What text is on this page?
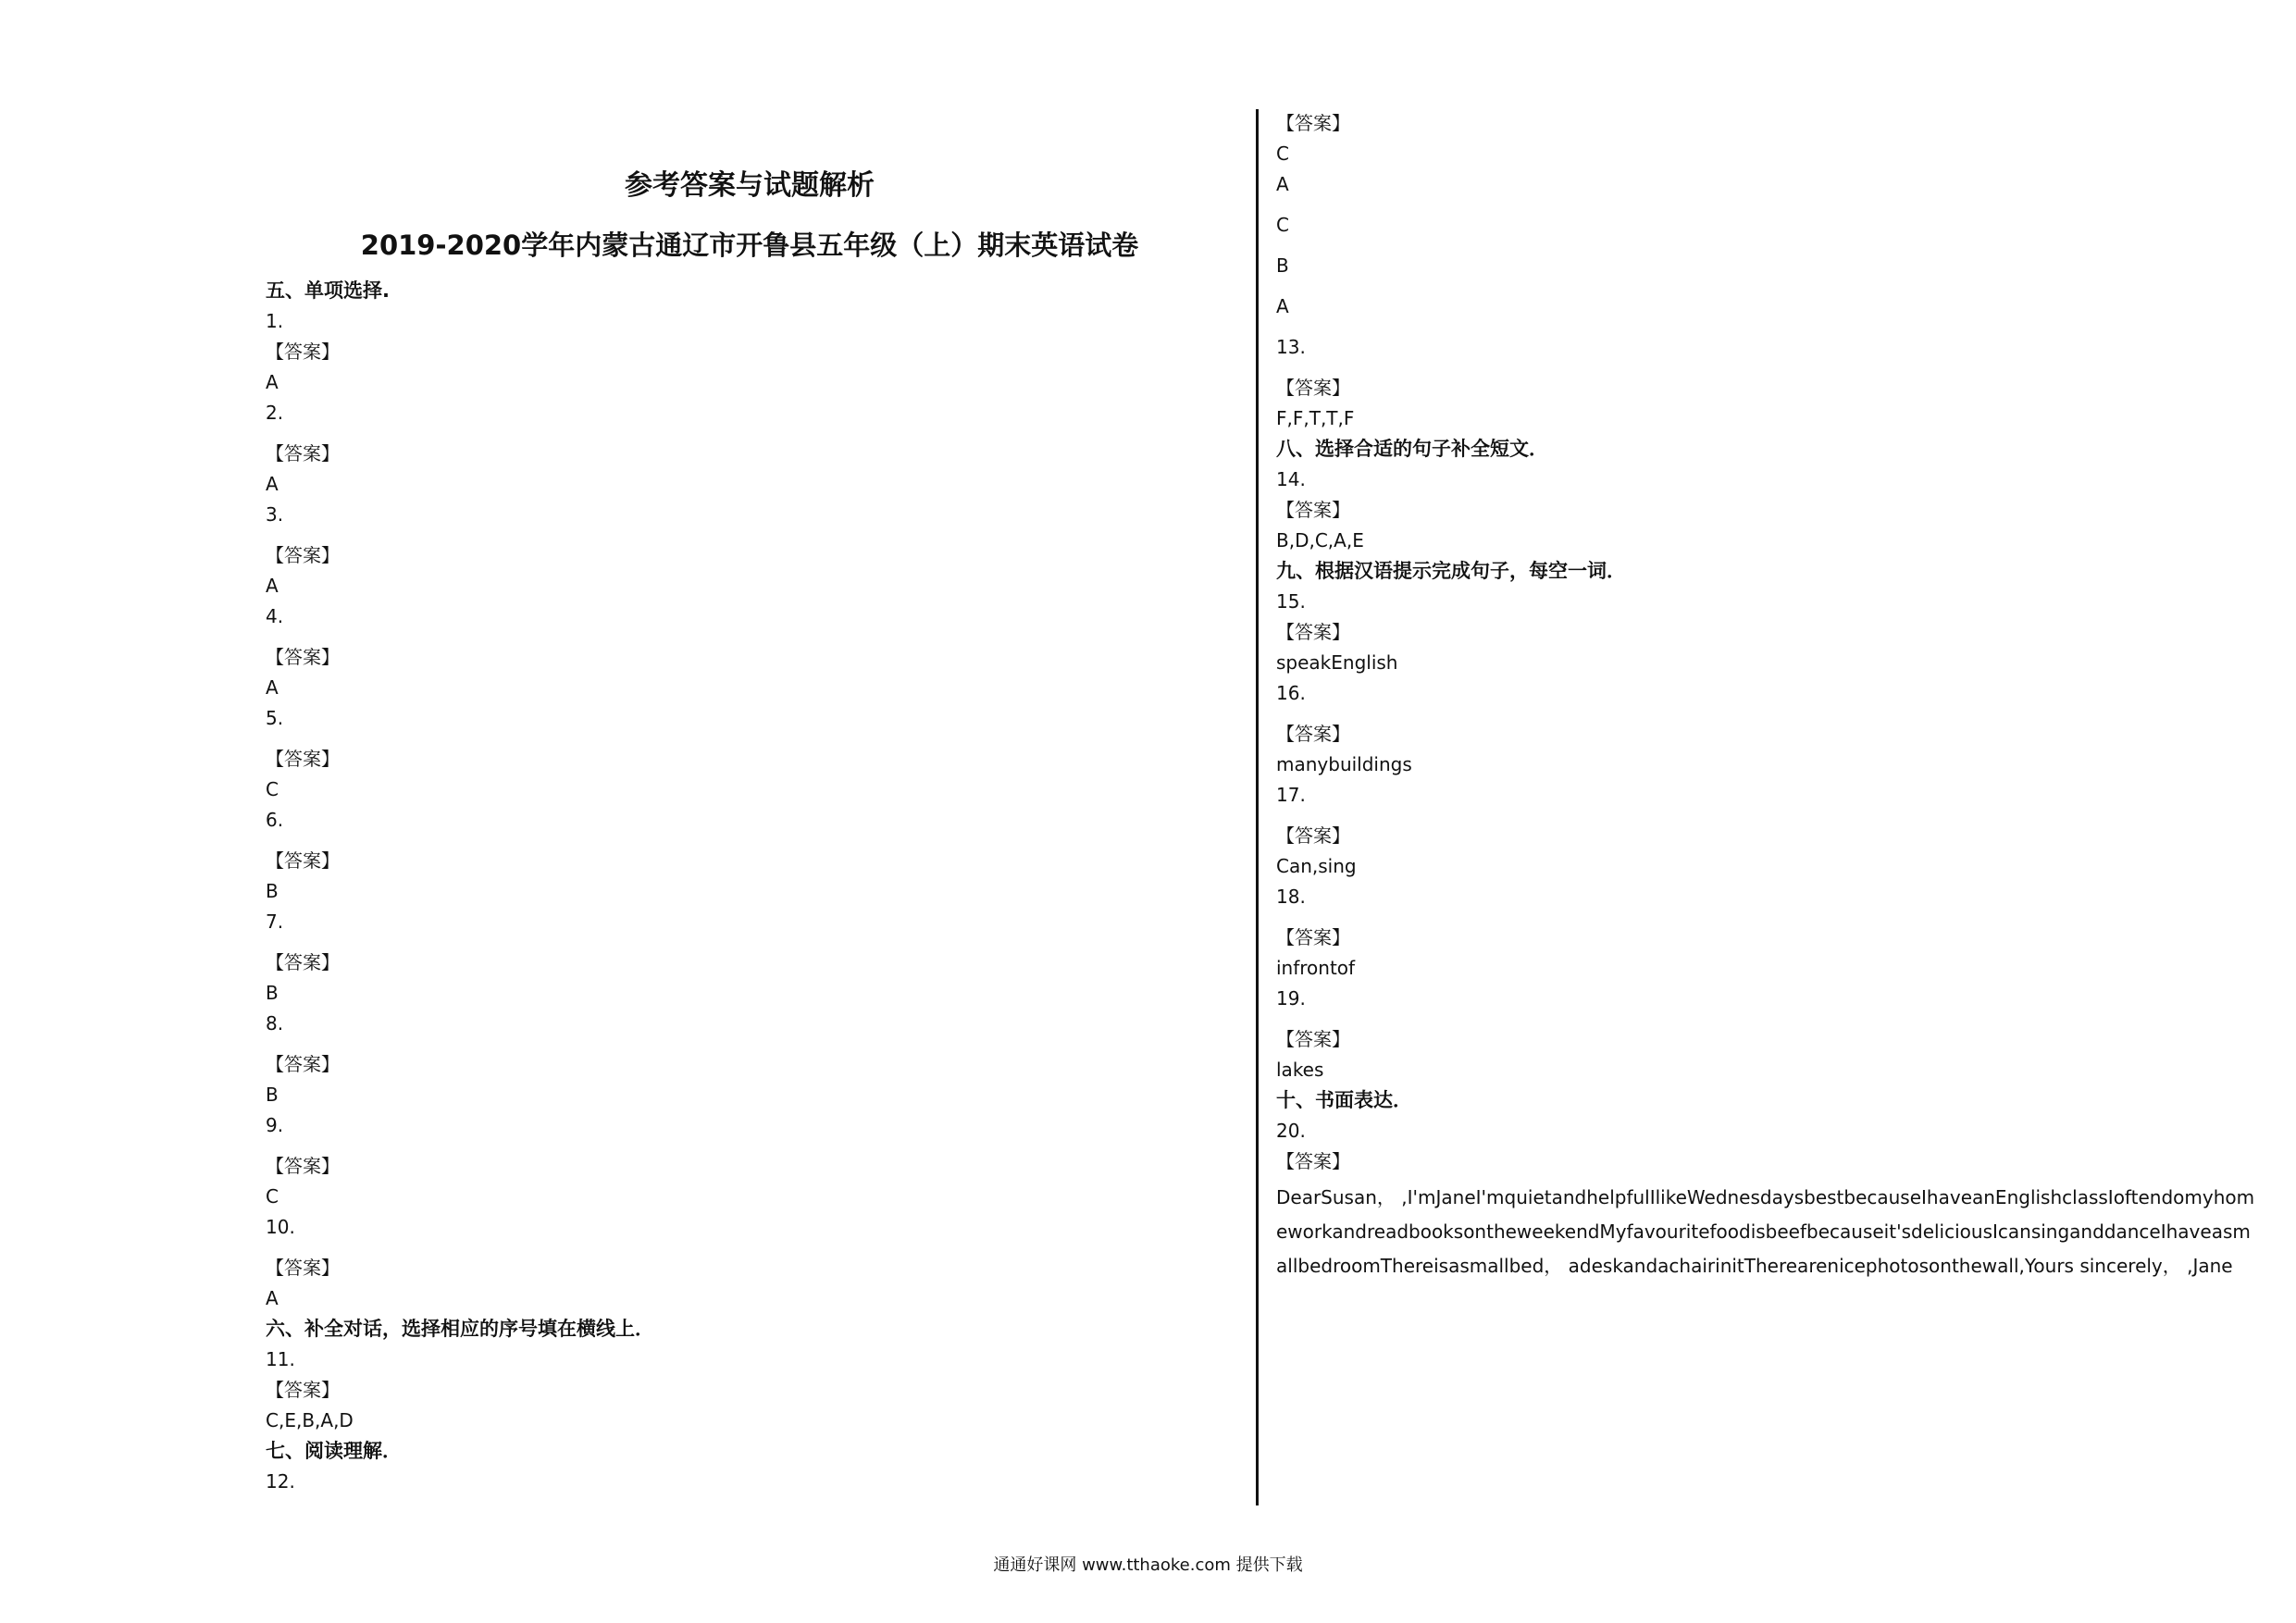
参考答案与试题解析
2019-2020学年内蒙古通辽市开鲁县五年级（上）期末英语试卷
五、单项选择.
1.
【答案】
A
2.
【答案】
A
3.
【答案】
A
4.
【答案】
A
5.
【答案】
C
6.
【答案】
B
7.
【答案】
B
8.
【答案】
B
9.
【答案】
C
10.
【答案】
A
六、补全对话，选择相应的序号填在横线上．
11.
【答案】
C,E,B,A,D
七、阅读理解．
12.
【答案】
C
A
C
B
A
13.
【答案】
F,F,T,T,F
八、选择合适的句子补全短文．
14.
【答案】
B,D,C,A,E
九、根据汉语提示完成句子，每空一词．
15.
【答案】
speakEnglish
16.
【答案】
manybuildings
17.
【答案】
Can,sing
18.
【答案】
infrontof
19.
【答案】
lakes
十、书面表达．
20.
【答案】
DearSusan， ,I'mJaneI'mquietandhelpfulIlikeWednesdaysbestbecauseIhaveanEnglishclassIoftendomyhomeworkandreadbooksontheweekendMyfavouritefoodisbeefbecauseit'sdeliciousIcansinganddanceIhaveasmallbedroomThereisasmallbed， adeskandachairinitTherearenicephotosonthewall,Yours sincerely， ,Jane
通通好课网 www.tthaoke.com 提供下载
